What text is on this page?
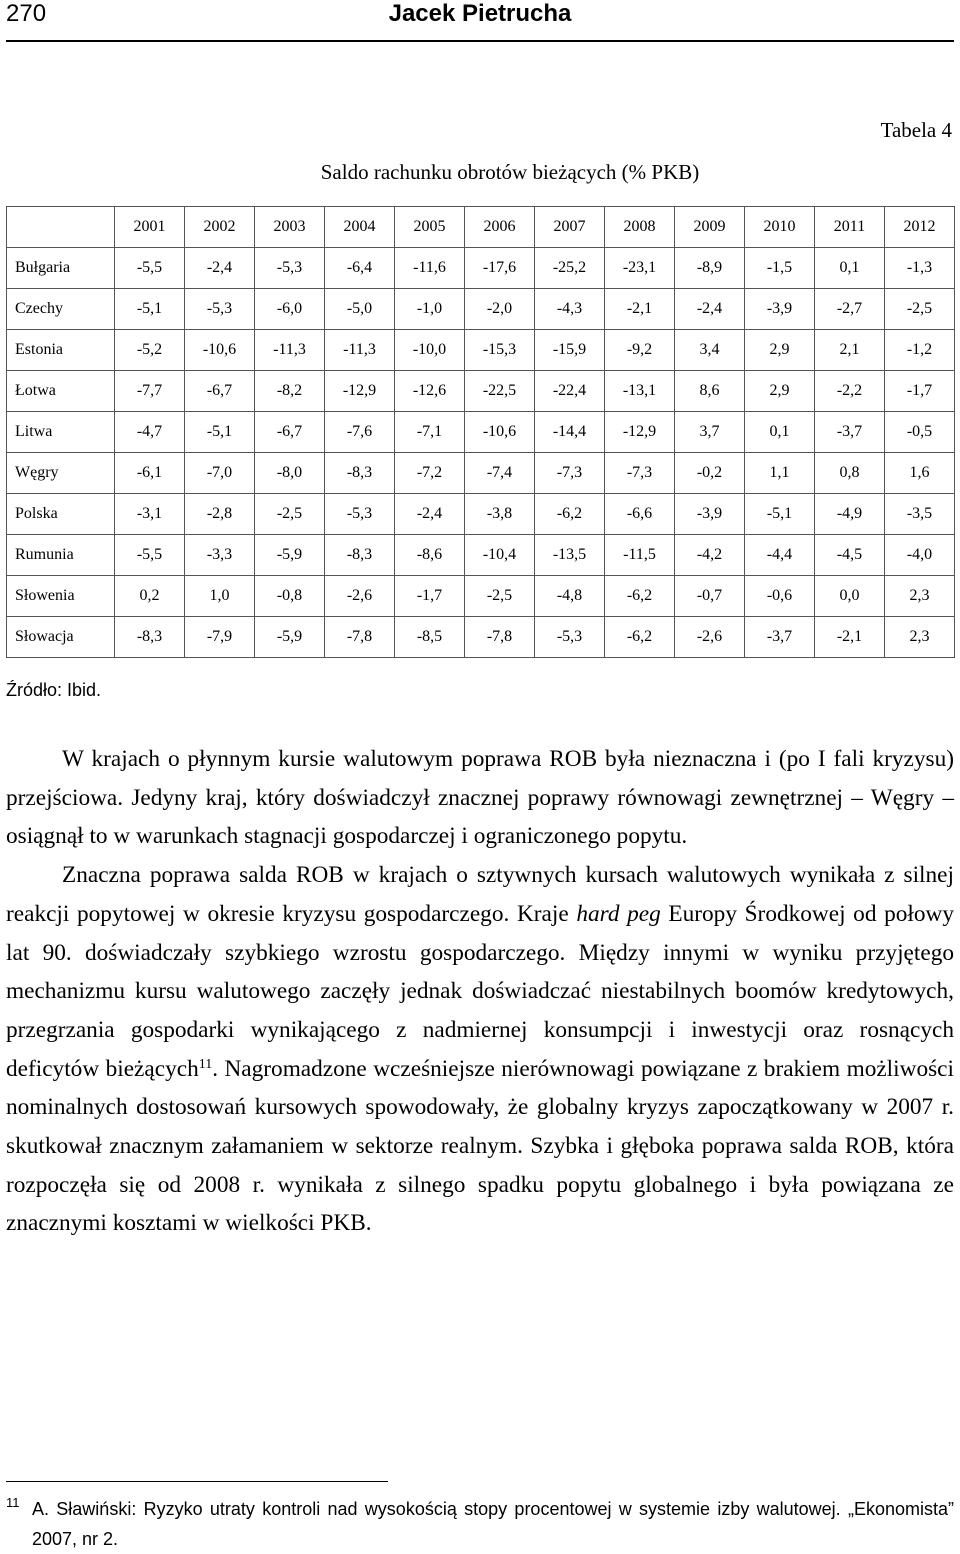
270	Jacek Pietrucha
Tabela 4
Saldo rachunku obrotów bieżących (% PKB)
	2001	2002	2003	2004	2005	2006	2007	2008	2009	2010	2011	2012
Bułgaria	-5,5	-2,4	-5,3	-6,4	-11,6	-17,6	-25,2	-23,1	-8,9	-1,5	0,1	-1,3
Czechy	-5,1	-5,3	-6,0	-5,0	-1,0	-2,0	-4,3	-2,1	-2,4	-3,9	-2,7	-2,5
Estonia	-5,2	-10,6	-11,3	-11,3	-10,0	-15,3	-15,9	-9,2	3,4	2,9	2,1	-1,2
Łotwa	-7,7	-6,7	-8,2	-12,9	-12,6	-22,5	-22,4	-13,1	8,6	2,9	-2,2	-1,7
Litwa	-4,7	-5,1	-6,7	-7,6	-7,1	-10,6	-14,4	-12,9	3,7	0,1	-3,7	-0,5
Węgry	-6,1	-7,0	-8,0	-8,3	-7,2	-7,4	-7,3	-7,3	-0,2	1,1	0,8	1,6
Polska	-3,1	-2,8	-2,5	-5,3	-2,4	-3,8	-6,2	-6,6	-3,9	-5,1	-4,9	-3,5
Rumunia	-5,5	-3,3	-5,9	-8,3	-8,6	-10,4	-13,5	-11,5	-4,2	-4,4	-4,5	-4,0
Słowenia	0,2	1,0	-0,8	-2,6	-1,7	-2,5	-4,8	-6,2	-0,7	-0,6	0,0	2,3
Słowacja	-8,3	-7,9	-5,9	-7,8	-8,5	-7,8	-5,3	-6,2	-2,6	-3,7	-2,1	2,3
Źródło: Ibid.

W krajach o płynnym kursie walutowym poprawa ROB była nieznaczna i (po I fali kryzysu) przejściowa. Jedyny kraj, który doświadczył znacznej poprawy równowagi zewnętrznej – Węgry – osiągnął to w warunkach stagnacji gospodarczej i ograniczonego popytu.

Znaczna poprawa salda ROB w krajach o sztywnych kursach walutowych wynikała z silnej reakcji popytowej w okresie kryzysu gospodarczego. Kraje hard peg Europy Środkowej od połowy lat 90. doświadczały szybkiego wzrostu gospodarczego. Między innymi w wyniku przyjętego mechanizmu kursu walutowego zaczęły jednak doświadczać niestabilnych boomów kredytowych, przegrzania gospodarki wynikającego z nadmiernej konsumpcji i inwestycji oraz rosnących deficytów bieżących$^{11}$. Nagromadzone wcześniejsze nierównowagi powiązane z brakiem możliwości nominalnych dostosowań kursowych spowodowały, że globalny kryzys zapoczątkowany w 2007 r. skutkował znacznym załamaniem w sektorze realnym. Szybka i głęboka poprawa salda ROB, która rozpoczęła się od 2008 r. wynikała z silnego spadku popytu globalnego i była powiązana ze znacznymi kosztami w wielkości PKB.

11 A. Sławiński: Ryzyko utraty kontroli nad wysokością stopy procentowej w systemie izby walutowej. „Ekonomista” 2007, nr 2.
